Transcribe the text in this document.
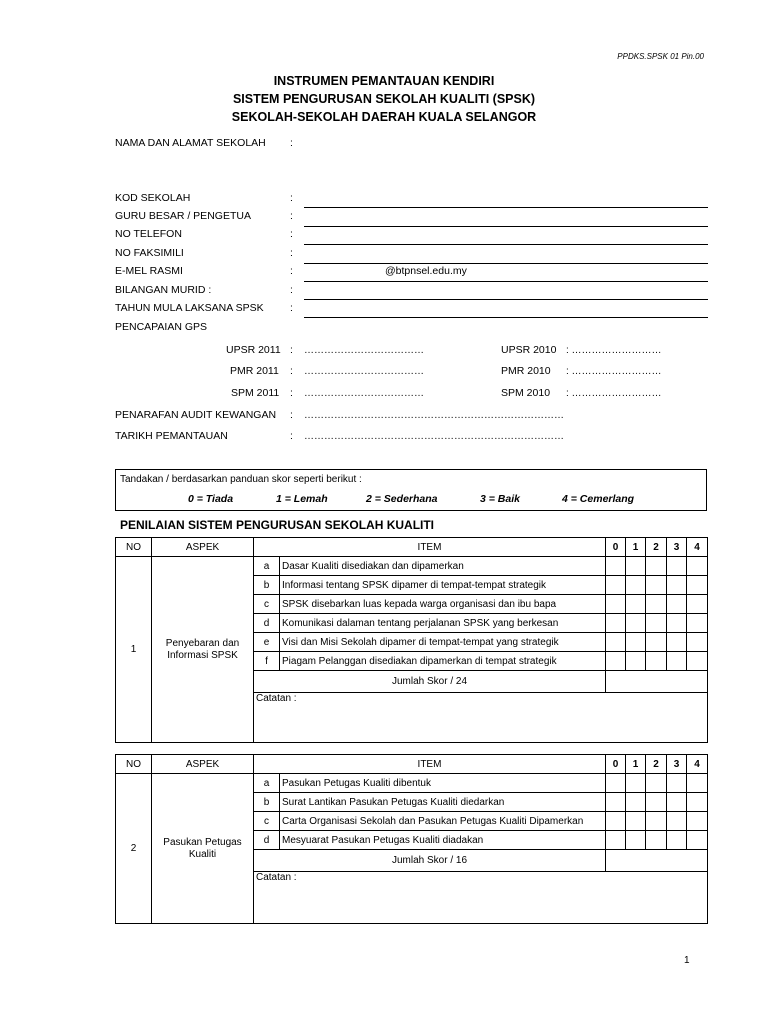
PPDKS.SPSK 01 Pin.00
INSTRUMEN PEMANTAUAN KENDIRI
SISTEM PENGURUSAN SEKOLAH KUALITI (SPSK)
SEKOLAH-SEKOLAH DAERAH KUALA SELANGOR
NAMA DAN ALAMAT SEKOLAH :
KOD SEKOLAH	:
GURU BESAR / PENGETUA	:
NO TELEFON	:
NO FAKSIMILI	:
E-MEL RASMI	:	@btpnsel.edu.my
BILANGAN MURID :	:
TAHUN MULA LAKSANA SPSK	:
PENCAPAIAN GPS
UPSR 2011 : ………………………………	UPSR 2010 : ………………………
PMR 2011 : ………………………………	PMR 2010 : ………………………
SPM 2011 : ………………………………	SPM 2010 : ………………………
PENARAFAN AUDIT KEWANGAN : ……………………………………………………………………
TARIKH PEMANTAUAN	: ……………………………………………………………………
Tandakan / berdasarkan panduan skor seperti berikut :
0 = Tiada	1 = Lemah	2 = Sederhana	3 = Baik	4 = Cemerlang
PENILAIAN SISTEM PENGURUSAN SEKOLAH KUALITI
NO	ASPEK	ITEM		0	1	2	3	4
1	Penyebaran dan
Informasi SPSK	a	Dasar Kualiti disediakan dan dipamerkan					
		b	Informasi tentang SPSK dipamer di tempat-tempat strategik					
		c	SPSK disebarkan luas kepada warga organisasi dan ibu bapa					
		d	Komunikasi dalaman tentang perjalanan SPSK yang berkesan					
		e	Visi dan Misi Sekolah dipamer di tempat-tempat yang strategik					
		f	Piagam Pelanggan disediakan dipamerkan di tempat strategik					
		Jumlah Skor / 24						
		Catatan :						

NO	ASPEK	ITEM		0	1	2	3	4
2	Pasukan Petugas
Kualiti	a	Pasukan Petugas Kualiti dibentuk					
		b	Surat Lantikan Pasukan Petugas Kualiti diedarkan					
		c	Carta Organisasi Sekolah dan Pasukan Petugas Kualiti Dipamerkan					
		d	Mesyuarat Pasukan Petugas Kualiti diadakan					
		Jumlah Skor / 16						
		Catatan :						

1
